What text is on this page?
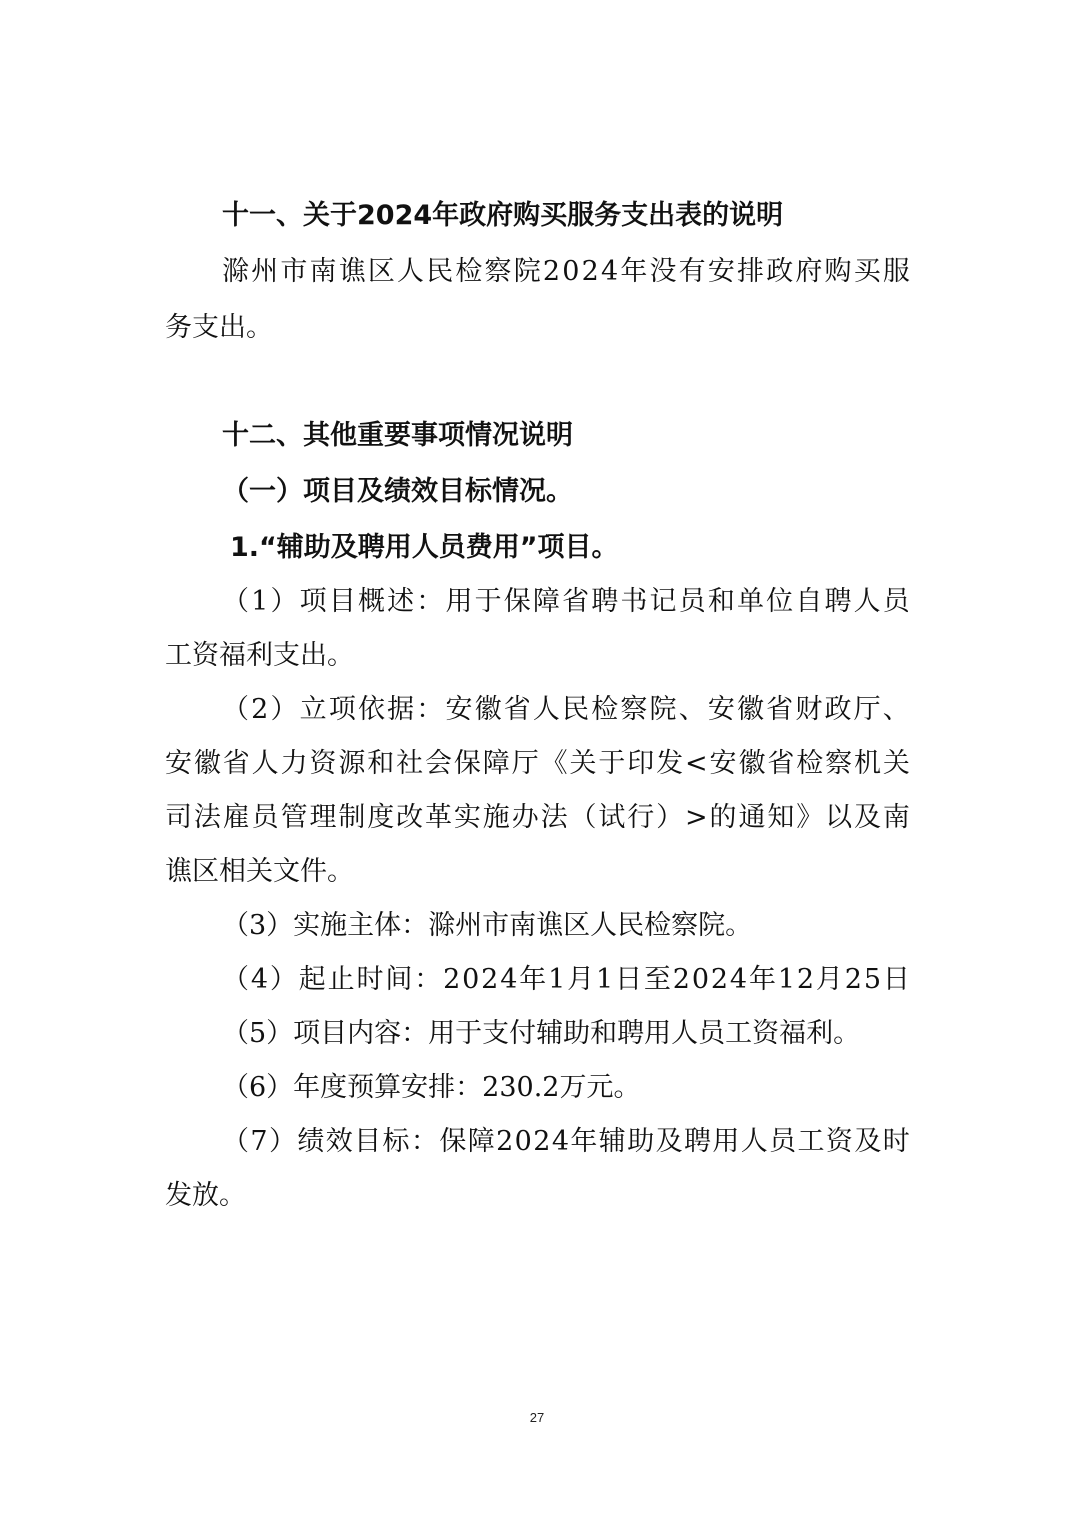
十一、关于2024年政府购买服务支出表的说明
滁 州 市 南 谯 区 人 民 检 察 院 2 0 2 4 年 没 有 安 排 政 府 购 买 服
务支出。
十二、其他重要事项情况说明
（一）项目及绩效目标情况。
1.“辅助及聘用人员费用”项目。
（ 1 ） 项 目 概 述 ： 用 于 保 障 省 聘 书 记 员 和 单 位 自 聘 人 员
工资福利支出。
（ 2 ） 立 项 依 据 ： 安 徽 省 人 民 检 察 院 、 安 徽 省 财 政 厅 、
安 徽 省 人 力 资 源 和 社 会 保 障 厅 《 关 于 印 发 < 安 徽 省 检 察 机 关
司 法 雇 员 管 理 制 度 改 革 实 施 办 法 （ 试 行 ） > 的 通 知 》 以 及 南
谯区相关文件。
（3）实施主体：滁州市南谯区人民检察院。
（ 4 ） 起 止 时 间 ： 2 0 2 4 年 1 月 1 日 至 2 0 2 4 年 1 2 月 2 5 日
（5）项目内容：用于支付辅助和聘用人员工资福利。
（6）年度预算安排：230.2万元。
（ 7 ） 绩 效 目 标 ： 保 障 2 0 2 4 年 辅 助 及 聘 用 人 员 工 资 及 时
发放。
27
